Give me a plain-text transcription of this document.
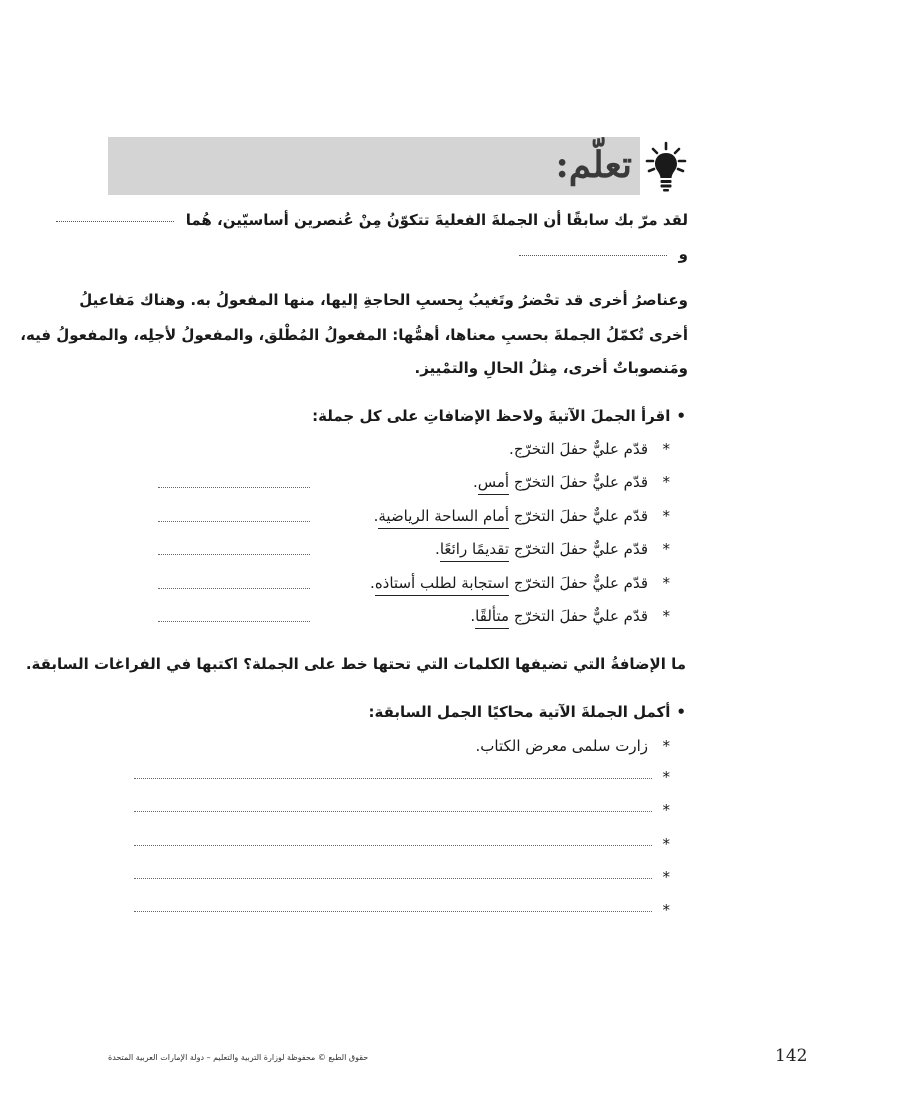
تعلّم:
لقد مرّ بك سابقًا أن الجملةَ الفعليةَ تتكوّنُ مِنْ عُنصرين أساسيّين، هُما
و
وعناصرُ أخرى قد تحْضرُ وتَغيبُ بِحسبِ الحاجةِ إليها، منها المفعولُ به. وهناك مَفاعيلُ
أخرى تُكمّلُ الجملةَ بحسبِ معناها، أهمُّها: المفعولُ المُطْلق، والمفعولُ لأجلِه، والمفعولُ فيه،
ومَنصوباتٌ أخرى، مِثلُ الحالِ والتمْييز.
•اقرأ الجملَ الآتيةَ ولاحظ الإضافاتِ على كل جملة:
*
قدّم عليٌّ حفلَ التخرّج.
*
قدّم عليٌّ حفلَ التخرّج أمس.
*
قدّم عليٌّ حفلَ التخرّج أمام الساحة الرياضية.
*
قدّم عليٌّ حفلَ التخرّج تقديمًا رائعًا.
*
قدّم عليٌّ حفلَ التخرّج استجابة لطلب أستاذه.
*
قدّم عليٌّ حفلَ التخرّج متألقًا.
ما الإضافةُ التي تضيفها الكلمات التي تحتها خط على الجملة؟ اكتبها في الفراغات السابقة.
•أكمل الجملةَ الآتية محاكيًا الجمل السابقة:
*
زارت سلمى معرض الكتاب.
*
*
*
*
*
حقوق الطبع © محفوظة لوزارة التربية والتعليم – دولة الإمارات العربية المتحدة	142
